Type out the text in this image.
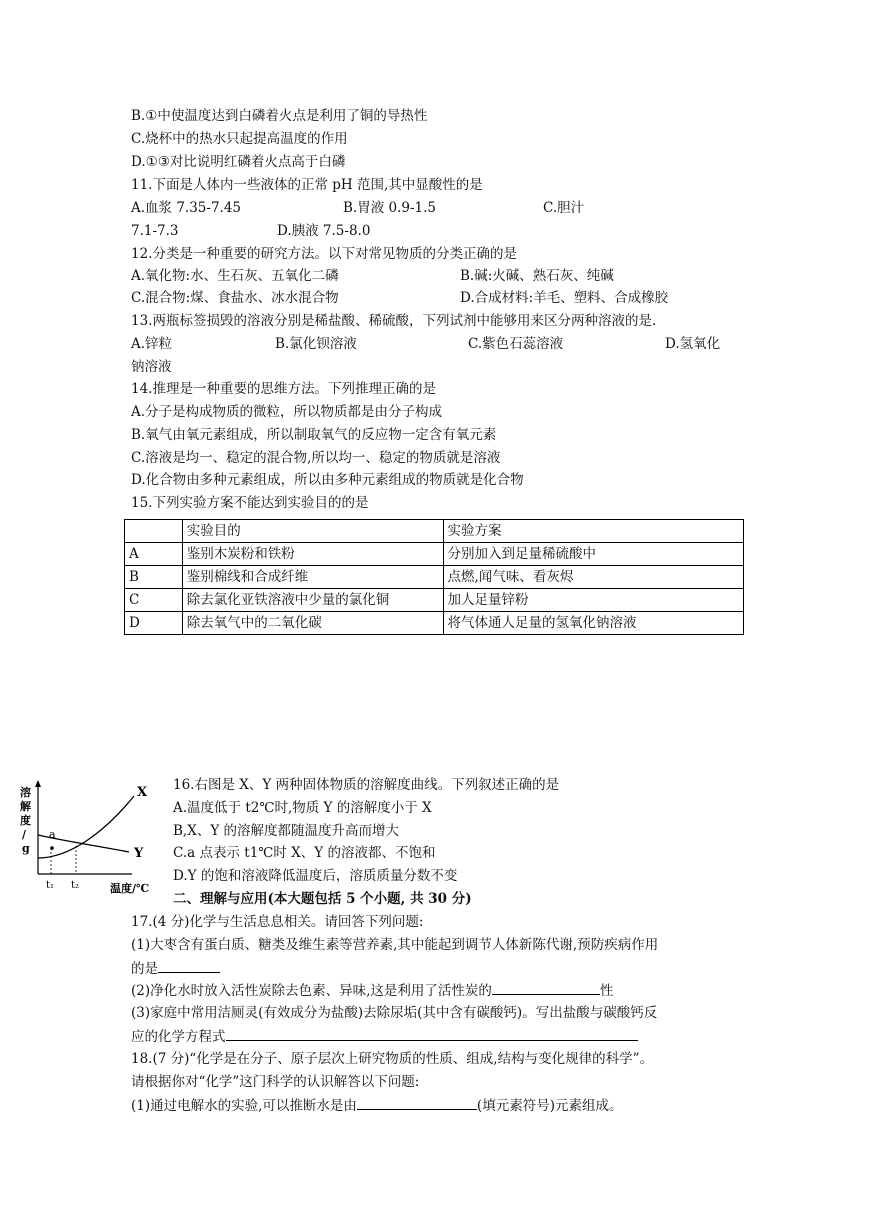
B.①中使温度达到白磷着火点是利用了铜的导热性
C.烧杯中的热水只起提高温度的作用
D.①③对比说明红磷着火点高于白磷
11.下面是人体内一些液体的正常 pH 范围,其中显酸性的是
A.血浆 7.35-7.45	B.胃液 0.9-1.5	C.胆汁
7.1-7.3	D.胰液 7.5-8.0
12.分类是一种重要的研究方法。以下对常见物质的分类正确的是
A.氧化物:水、生石灰、五氧化二磷	B.碱:火碱、熟石灰、纯碱
C.混合物:煤、食盐水、冰水混合物	D.合成材料:羊毛、塑料、合成橡胶
13.两瓶标签损毁的溶液分别是稀盐酸、稀硫酸，下列试剂中能够用来区分两种溶液的是.
A.锌粒	B.氯化钡溶液	C.紫色石蕊溶液	D.氢氧化
钠溶液
14.推理是一种重要的思维方法。下列推理正确的是
A.分子是构成物质的微粒，所以物质都是由分子构成
B.氧气由氧元素组成，所以制取氧气的反应物一定含有氧元素
C.溶液是均一、稳定的混合物,所以均一、稳定的物质就是溶液
D.化合物由多种元素组成，所以由多种元素组成的物质就是化合物
15.下列实验方案不能达到实验目的的是
	实验目的	实验方案
A	鉴别木炭粉和铁粉	分别加入到足量稀硫酸中
B	鉴别棉线和合成纤维	点燃,闻气味、看灰烬
C	除去氯化亚铁溶液中少量的氯化铜	加人足量锌粉
D	除去氧气中的二氧化碳	将气体通人足量的氢氧化钠溶液
溶
解
度
/
g
X
Y
a
t₁ t₂	温度/℃
16.右图是 X、Y 两种固体物质的溶解度曲线。下列叙述正确的是
A.温度低于 t2℃时,物质 Y 的溶解度小于 X
B,X、Y 的溶解度都随温度升高而增大
C.a 点表示 t1℃时 X、Y 的溶液都、不饱和
D.Y 的饱和溶液降低温度后，溶质质量分数不变
二、理解与应用(本大题包括 5 个小题, 共 30 分)
17.(4 分)化学与生活息息相关。请回答下列问题:
(1)大枣含有蛋白质、糖类及维生素等营养素,其中能起到调节人体新陈代谢,预防疾病作用
的是
(2)净化水时放入活性炭除去色素、异味,这是利用了活性炭的	性
(3)家庭中常用洁厕灵(有效成分为盐酸)去除尿垢(其中含有碳酸钙)。写出盐酸与碳酸钙反
应的化学方程式
18.(7 分)“化学是在分子、原子层次上研究物质的性质、组成,结构与变化规律的科学”。
请根据你对“化学”这门科学的认识解答以下问题:
(1)通过电解水的实验,可以推断水是由	(填元素符号)元素组成。
